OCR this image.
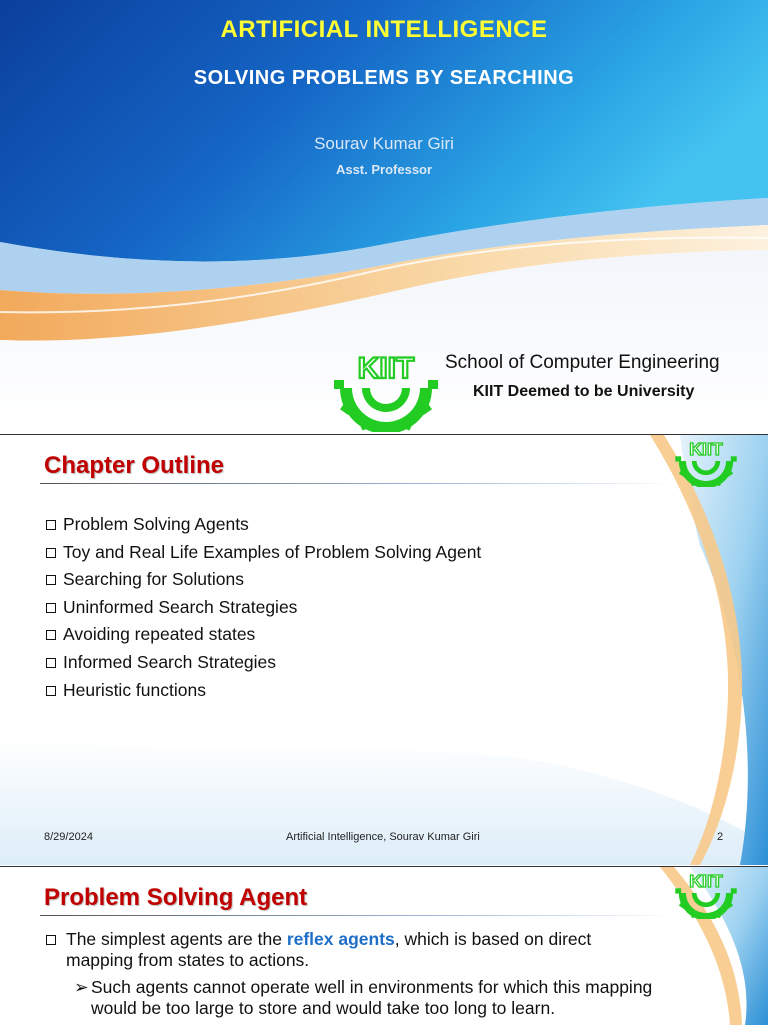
ARTIFICIAL INTELLIGENCE
SOLVING PROBLEMS BY SEARCHING
Sourav Kumar Giri
Asst. Professor
KIIT School of Computer Engineering
KIIT Deemed to be University
Chapter Outline
KIIT
Problem Solving Agents
Toy and Real Life Examples of Problem Solving Agent
Searching for Solutions
Uninformed Search Strategies
Avoiding repeated states
Informed Search Strategies
Heuristic functions
8/29/2024	Artificial Intelligence, Sourav Kumar Giri	2
Problem Solving Agent
KIIT
The simplest agents are the reflex agents, which is based on direct mapping from states to actions.
➢ Such agents cannot operate well in environments for which this mapping would be too large to store and would take too long to learn.
